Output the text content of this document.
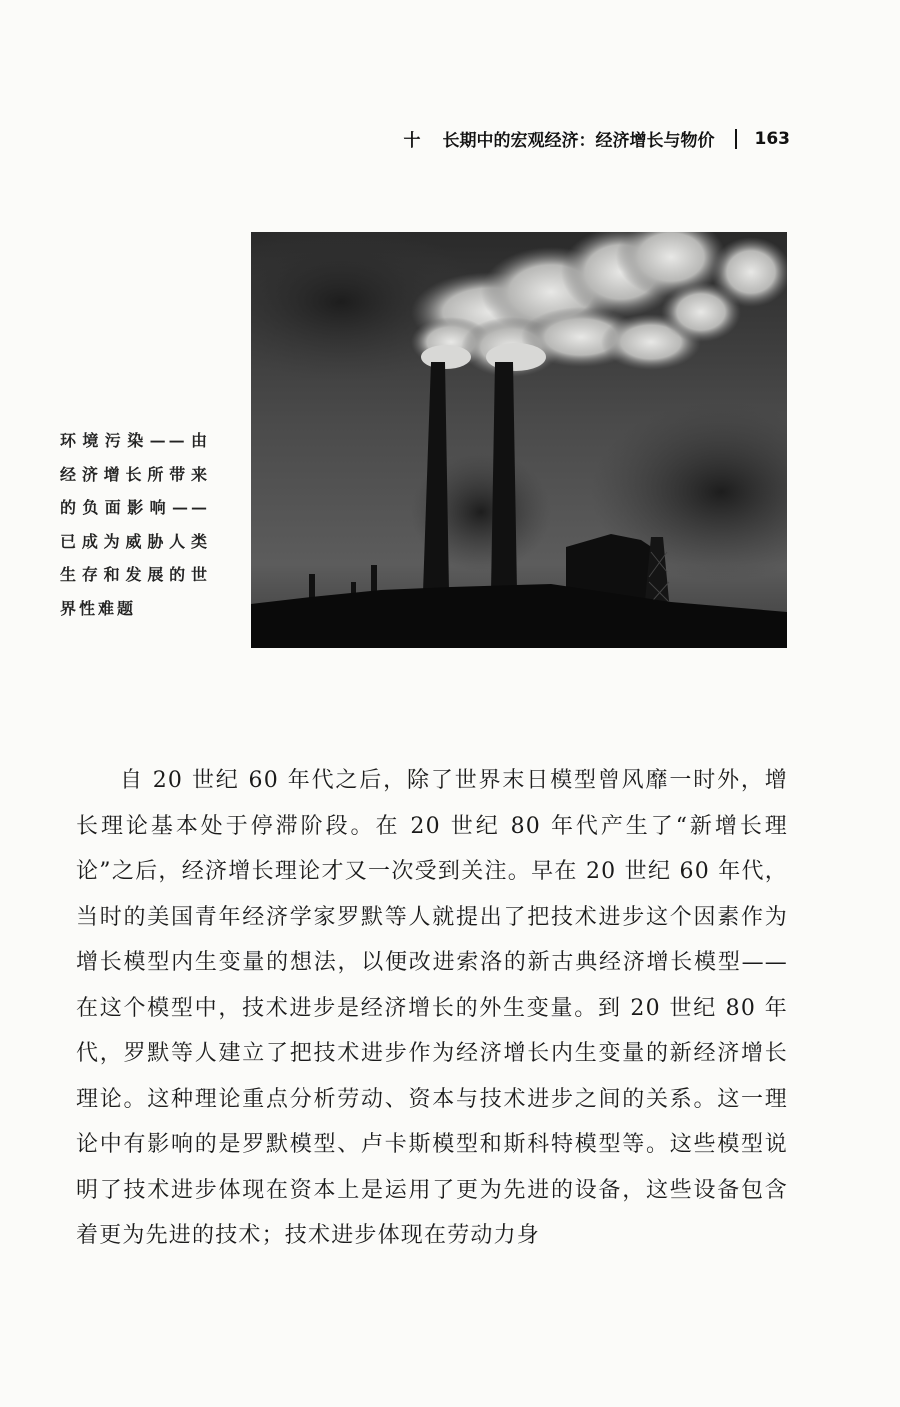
十 长期中的宏观经济：经济增长与物价 163

环境污染——由经济增长所带来的负面影响——已成为威胁人类生存和发展的世界性难题

自 20 世纪 60 年代之后，除了世界末日模型曾风靡一时外，增长理论基本处于停滞阶段。在 20 世纪 80 年代产生了“新增长理论”之后，经济增长理论才又一次受到关注。早在 20 世纪 60 年代，当时的美国青年经济学家罗默等人就提出了把技术进步这个因素作为增长模型内生变量的想法，以便改进索洛的新古典经济增长模型——在这个模型中，技术进步是经济增长的外生变量。到 20 世纪 80 年代，罗默等人建立了把技术进步作为经济增长内生变量的新经济增长理论。这种理论重点分析劳动、资本与技术进步之间的关系。这一理论中有影响的是罗默模型、卢卡斯模型和斯科特模型等。这些模型说明了技术进步体现在资本上是运用了更为先进的设备，这些设备包含着更为先进的技术；技术进步体现在劳动力身
